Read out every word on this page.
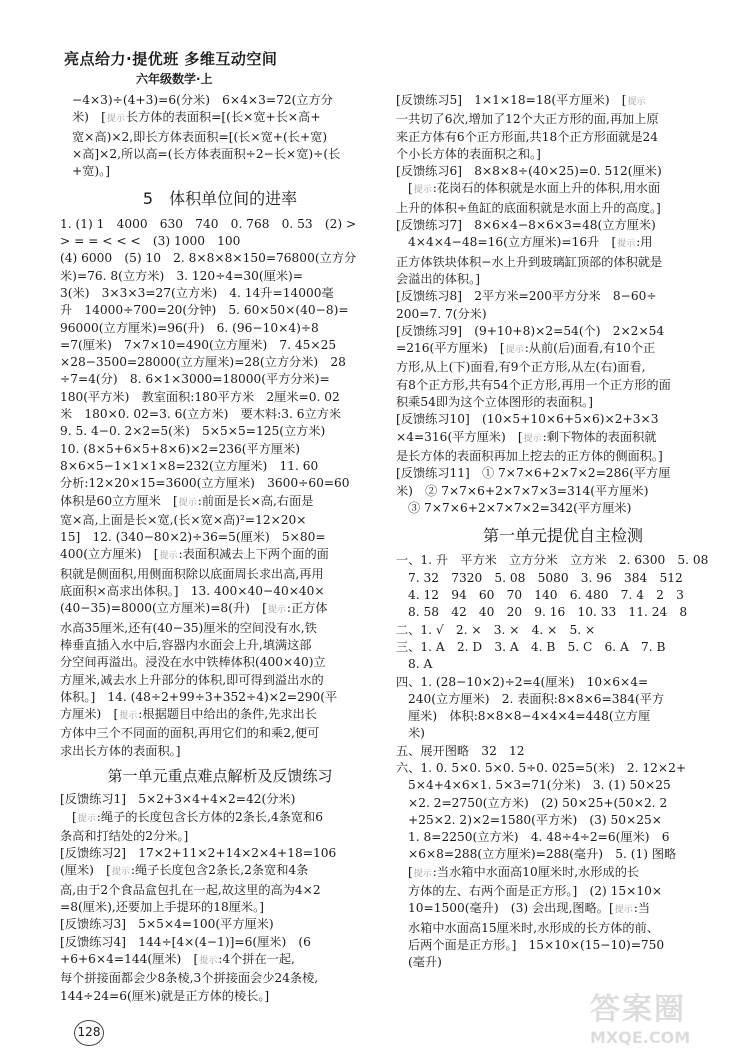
亮点给力·提优班 多维互动空间
六年级数学·上
−4×3)÷(4+3)=6(分米)　6×4×3=72(立方分
米)　[提示长方体的表面积=[(长×宽+长×高+
宽×高)×2,即长方体表面积=[(长×宽+(长+宽)
×高]×2,所以高=(长方体表面积÷2−长×宽)÷(长
+宽)。]
5　体积单位间的进率
1. (1) 1　4000　630　740　0. 768　0. 53　(2) >
> = = < < <　(3) 1000　100
(4) 6000　(5) 10　2. 8×8×8×150=76800(立方分
米)=76. 8(立方米)　3. 120÷4=30(厘米)=
3(米)　3×3×3=27(立方米)　4. 14升=14000毫
升　14000÷700=20(分钟)　5. 60×50×(40−8)=
96000(立方厘米)=96(升)　6. (96−10×4)÷8
=7(厘米)　7×7×10=490(立方厘米)　7. 45×25
×28−3500=28000(立方厘米)=28(立方分米)　28
÷7=4(分)　8. 6×1×3000=18000(平方分米)=
180(平方米)　教室面积:180平方米　2厘米=0. 02
米　180×0. 02=3. 6(立方米)　要木料:3. 6立方米
9. 5. 4−0. 2×2=5(米)　5×5×5=125(立方米)
10. (8×5+6×5+8×6)×2=236(平方厘米)
8×6×5−1×1×1×8=232(立方厘米)　11. 60
分析:12×20×15=3600(立方厘米)　3600÷60=60
体积是60立方厘米　[提示:前面是长×高,右面是
宽×高,上面是长×宽,(长×宽×高)²=12×20×
15]　12. (340−80×2)÷36=5(厘米)　5×80=
400(立方厘米)　[提示:表面积减去上下两个面的面
积就是侧面积,用侧面积除以底面周长求出高,再用
底面积×高求出体积。]　13. 400×40−40×40×
(40−35)=8000(立方厘米)=8(升)　[提示:正方体
水高35厘米,还有(40−35)厘米的空间没有水,铁
棒垂直插入水中后,容器内水面会上升,填满这部
分空间再溢出。浸没在水中铁棒体积(400×40)立
方厘米,减去水上升部分的体积,即可得到溢出水的
体积。]　14. (48÷2+99÷3+352÷4)×2=290(平
方厘米)　[提示:根据题目中给出的条件,先求出长
方体中三个不同面的面积,再用它们的和乘2,便可
求出长方体的表面积。]
第一单元重点难点解析及反馈练习
[反馈练习1]　5×2+3×4+4×2=42(分米)
[提示:绳子的长度包含长方体的2条长,4条宽和6
条高和打结处的2分米。]
[反馈练习2]　17×2+11×2+14×2×4+18=106
(厘米)　[提示:绳子长度包含2条长,2条宽和4条
高,由于2个食品盒包扎在一起,故这里的高为4×2
=8(厘米),还要加上手提环的18厘米。]
[反馈练习3]　5×5×4=100(平方厘米)
[反馈练习4]　144÷[4×(4−1)]=6(厘米)　(6
+6+6×4=144(厘米)　[提示:4个拼在一起,
每个拼接面都会少8条棱,3个拼接面会少24条棱,
144÷24=6(厘米)就是正方体的棱长。]
[反馈练习5]　1×1×18=18(平方厘米)　[提示
一共切了6次,增加了12个大正方形的面,再加上原
来正方体有6个正方形面,共18个正方形面就是24
个小长方体的表面积之和。]
[反馈练习6]　8×8×8÷(40×25)=0. 512(厘米)
[提示:花岗石的体积就是水面上升的体积,用水面
上升的体积÷鱼缸的底面积就是水面上升的高度。]
[反馈练习7]　8×6×4−8×6×3=48(立方厘米)
4×4×4−48=16(立方厘米)=16升　[提示:用
正方体铁块体积−水上升到玻璃缸顶部的体积就是
会溢出的体积。]
[反馈练习8]　2平方米=200平方分米　8−60÷
200=7. 7(分米)
[反馈练习9]　(9+10+8)×2=54(个)　2×2×54
=216(平方厘米)　[提示:从前(后)面看,有10个正
方形,从上(下)面看,有9个正方形,从左(右)面看,
有8个正方形,共有54个正方形,再用一个正方形的面
积乘54即为这个立体图形的表面积。]
[反馈练习10]　(10×5+10×6+5×6)×2+3×3
×4=316(平方厘米)　[提示:剩下物体的表面积就
是长方体的表面积再加上挖去的正方体的侧面积。]
[反馈练习11]　① 7×7×6+2×7×2=286(平方厘
米)　② 7×7×6+2×7×7×3=314(平方厘米)
③ 7×7×6+2×7×7×2=342(平方厘米)
第一单元提优自主检测
一、1. 升　平方米　立方分米　立方米　2. 6300　5. 08
7. 32　7320　5. 08　5080　3. 96　384　512
4. 12　94　60　70　140　6. 480　7. 4　2　3
8. 58　42　40　20　9. 16　10. 33　11. 24　8
二、1. √　2. ×　3. ×　4. ×　5. ×
三、1. A　2. D　3. A　4. B　5. C　6. A　7. B
8. A
四、1. (28−10×2)÷2=4(厘米)　10×6×4=
240(立方厘米)　2. 表面积:8×8×6=384(平方
厘米)　体积:8×8×8−4×4×4=448(立方厘
米)
五、展开图略　32　12
六、1. 0. 5×0. 5×0. 5÷0. 025=5(米)　2. 12×2+
5×4+4×6×1. 5×3=71(分米)　3. (1) 50×25
×2. 2=2750(立方米)　(2) 50×25+(50×2. 2
+25×2. 2)×2=1580(平方米)　(3) 50×25×
1. 8=2250(立方米)　4. 48÷4÷2=6(厘米)　6
×6×8=288(立方厘米)=288(毫升)　5. (1) 图略
[提示:当水箱中水面高10厘米时,水形成的长
方体的左、右两个面是正方形。]　(2) 15×10×
10=1500(毫升)　(3) 会出现,图略。[提示:当
水箱中水面高15厘米时,水形成的长方体的前、
后两个面是正方形。]　15×10×(15−10)=750
(毫升)
128
答案圈
MXQE.COM
